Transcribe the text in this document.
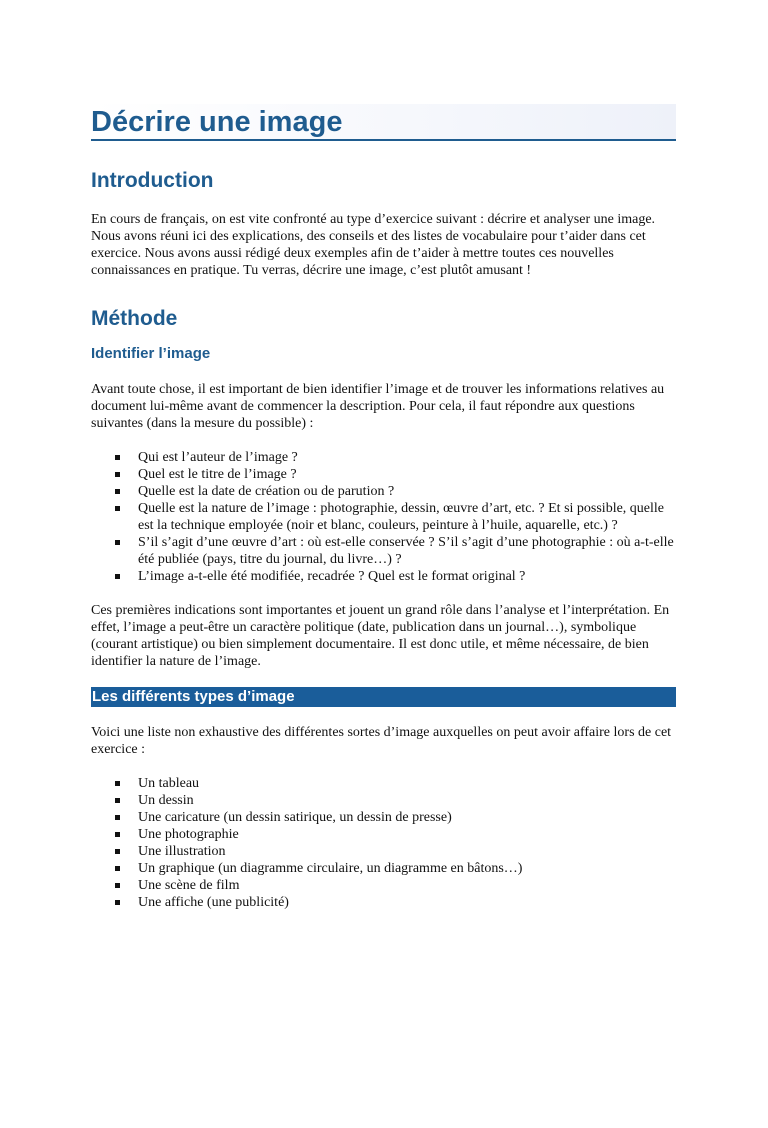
Décrire une image
Introduction

En cours de français, on est vite confronté au type d’exercice suivant : décrire et analyser une image. Nous avons réuni ici des explications, des conseils et des listes de vocabulaire pour t’aider dans cet exercice. Nous avons aussi rédigé deux exemples afin de t’aider à mettre toutes ces nouvelles connaissances en pratique. Tu verras, décrire une image, c’est plutôt amusant !

Méthode
Identifier l’image

Avant toute chose, il est important de bien identifier l’image et de trouver les informations relatives au document lui-même avant de commencer la description. Pour cela, il faut répondre aux questions suivantes (dans la mesure du possible) :

Qui est l’auteur de l’image ?
Quel est le titre de l’image ?
Quelle est la date de création ou de parution ?
Quelle est la nature de l’image : photographie, dessin, œuvre d’art, etc. ? Et si possible, quelle est la technique employée (noir et blanc, couleurs, peinture à l’huile, aquarelle, etc.) ?
S’il s’agit d’une œuvre d’art : où est-elle conservée ? S’il s’agit d’une photographie : où a-t-elle été publiée (pays, titre du journal, du livre…) ?
L’image a-t-elle été modifiée, recadrée ? Quel est le format original ?

Ces premières indications sont importantes et jouent un grand rôle dans l’analyse et l’interprétation. En effet, l’image a peut-être un caractère politique (date, publication dans un journal…), symbolique (courant artistique) ou bien simplement documentaire. Il est donc utile, et même nécessaire, de bien identifier la nature de l’image.

Les différents types d’image

Voici une liste non exhaustive des différentes sortes d’image auxquelles on peut avoir affaire lors de cet exercice :

Un tableau
Un dessin
Une caricature (un dessin satirique, un dessin de presse)
Une photographie
Une illustration
Un graphique (un diagramme circulaire, un diagramme en bâtons…)
Une scène de film
Une affiche (une publicité)
